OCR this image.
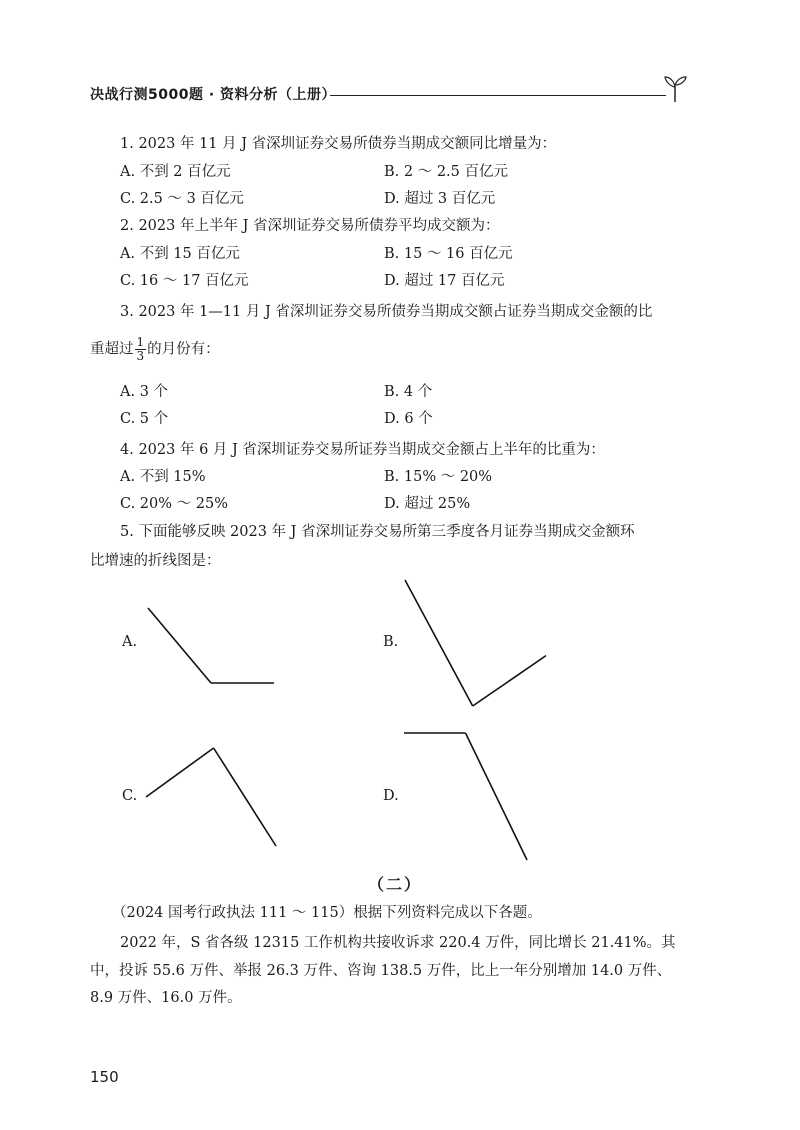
决战行测5000题 · 资料分析（上册）
1. 2023 年 11 月 J 省深圳证券交易所债券当期成交额同比增量为：
A. 不到 2 百亿元	B. 2 ～ 2.5 百亿元
C. 2.5 ～ 3 百亿元	D. 超过 3 百亿元
2. 2023 年上半年 J 省深圳证券交易所债券平均成交额为：
A. 不到 15 百亿元	B. 15 ～ 16 百亿元
C. 16 ～ 17 百亿元	D. 超过 17 百亿元
3. 2023 年 1—11 月 J 省深圳证券交易所债券当期成交额占证券当期成交金额的比
重超过 $\frac{1}{3}$ 的月份有：
A. 3 个	B. 4 个
C. 5 个	D. 6 个
4. 2023 年 6 月 J 省深圳证券交易所证券当期成交金额占上半年的比重为：
A. 不到 15%	B. 15% ～ 20%
C. 20% ～ 25%	D. 超过 25%
5. 下面能够反映 2023 年 J 省深圳证券交易所第三季度各月证券当期成交金额环
比增速的折线图是：
A.	B.
C.	D.
（二）
（2024 国考行政执法 111 ～ 115）根据下列资料完成以下各题。
2022 年，S 省各级 12315 工作机构共接收诉求 220.4 万件，同比增长 21.41%。其
中，投诉 55.6 万件、举报 26.3 万件、咨询 138.5 万件，比上一年分别增加 14.0 万件、
8.9 万件、16.0 万件。
150
